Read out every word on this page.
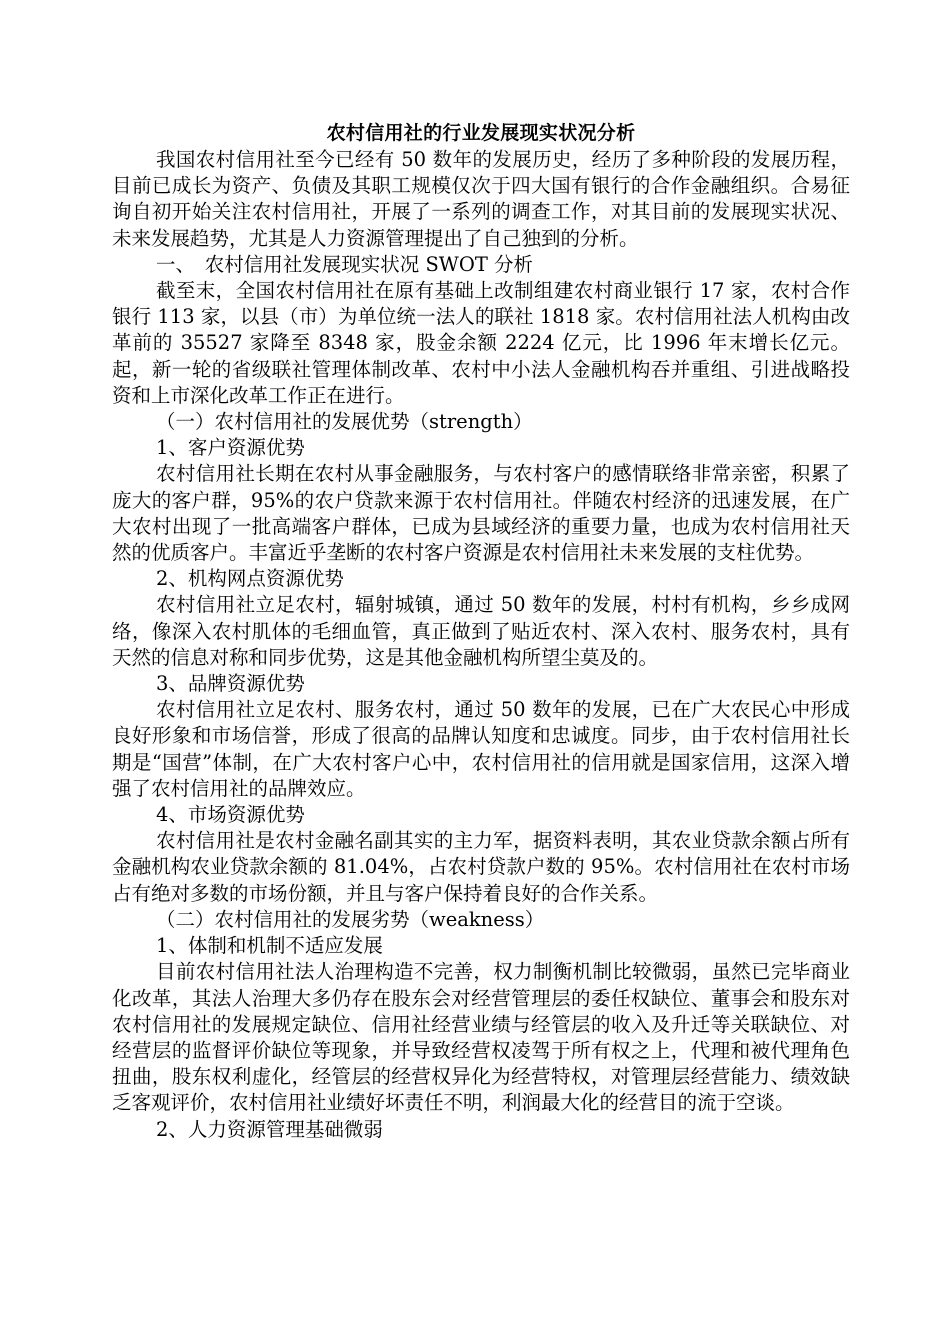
农村信用社的行业发展现实状况分析

我国农村信用社至今已经有 50 数年的发展历史，经历了多种阶段的发展历程，目前已成长为资产、负债及其职工规模仅次于四大国有银行的合作金融组织。合易征询自初开始关注农村信用社，开展了一系列的调查工作，对其目前的发展现实状况、未来发展趋势，尤其是人力资源管理提出了自己独到的分析。

一、　农村信用社发展现实状况 SWOT 分析

截至末，全国农村信用社在原有基础上改制组建农村商业银行 17 家，农村合作银行 113 家，以县（市）为单位统一法人的联社 1818 家。农村信用社法人机构由改革前的 35527 家降至 8348 家，股金余额 2224 亿元，比 1996 年末增长亿元。起，新一轮的省级联社管理体制改革、农村中小法人金融机构吞并重组、引进战略投资和上市深化改革工作正在进行。

（一）农村信用社的发展优势（strength）

1、客户资源优势

农村信用社长期在农村从事金融服务，与农村客户的感情联络非常亲密，积累了庞大的客户群，95%的农户贷款来源于农村信用社。伴随农村经济的迅速发展，在广大农村出现了一批高端客户群体，已成为县域经济的重要力量，也成为农村信用社天然的优质客户。丰富近乎垄断的农村客户资源是农村信用社未来发展的支柱优势。

2、机构网点资源优势

农村信用社立足农村，辐射城镇，通过 50 数年的发展，村村有机构，乡乡成网络，像深入农村肌体的毛细血管，真正做到了贴近农村、深入农村、服务农村，具有天然的信息对称和同步优势，这是其他金融机构所望尘莫及的。

3、品牌资源优势

农村信用社立足农村、服务农村，通过 50 数年的发展，已在广大农民心中形成良好形象和市场信誉，形成了很高的品牌认知度和忠诚度。同步，由于农村信用社长期是“国营”体制，在广大农村客户心中，农村信用社的信用就是国家信用，这深入增强了农村信用社的品牌效应。

4、市场资源优势

农村信用社是农村金融名副其实的主力军，据资料表明，其农业贷款余额占所有金融机构农业贷款余额的 81.04%，占农村贷款户数的 95%。农村信用社在农村市场占有绝对多数的市场份额，并且与客户保持着良好的合作关系。

（二）农村信用社的发展劣势（weakness）

1、体制和机制不适应发展

目前农村信用社法人治理构造不完善，权力制衡机制比较微弱，虽然已完毕商业化改革，其法人治理大多仍存在股东会对经营管理层的委任权缺位、董事会和股东对农村信用社的发展规定缺位、信用社经营业绩与经管层的收入及升迁等关联缺位、对经营层的监督评价缺位等现象，并导致经营权凌驾于所有权之上，代理和被代理角色扭曲，股东权利虚化，经管层的经营权异化为经营特权，对管理层经营能力、绩效缺乏客观评价，农村信用社业绩好坏责任不明，利润最大化的经营目的流于空谈。

2、人力资源管理基础微弱
